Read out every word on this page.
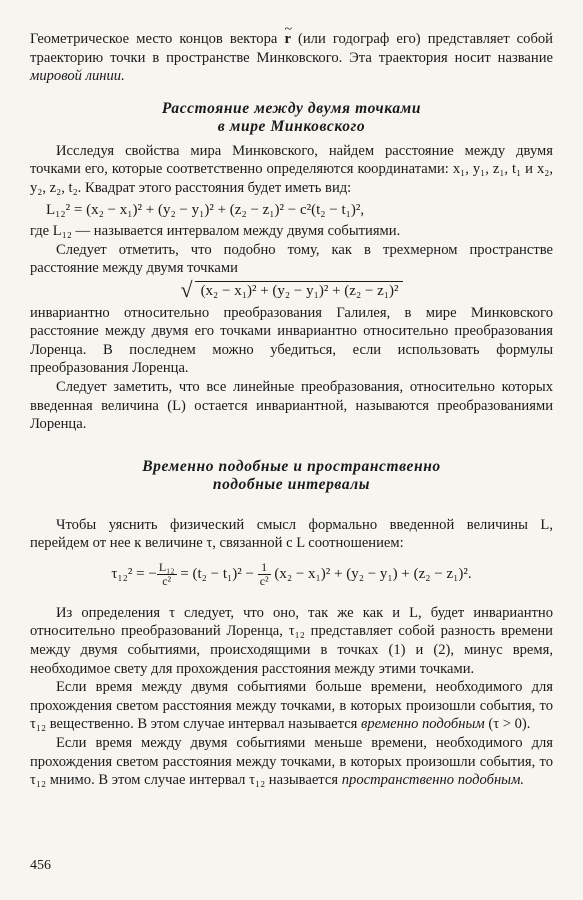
Геометрическое место концов вектора ~ r (или годограф его) представляет собой траекторию точки в пространстве Минковского. Эта траектория носит название мировой линии.

Расстояние между двумя точками
в мире Минковского

Исследуя свойства мира Минковского, найдем расстояние между двумя точками его, которые соответственно определяются координатами: x₁, y₁, z₁, t₁ и x₂, y₂, z₂, t₂. Квадрат этого расстояния будет иметь вид:

L₁₂² = (x₂ − x₁)² + (y₂ − y₁)² + (z₂ − z₁)² − c²(t₂ − t₁)²,

где L₁₂ — называется интервалом между двумя событиями.

Следует отметить, что подобно тому, как в трехмерном пространстве расстояние между двумя точками

√ (x₂ − x₁)² + (y₂ − y₁)² + (z₂ − z₁)²

инвариантно относительно преобразования Галилея, в мире Минковского расстояние между двумя его точками инвариантно относительно преобразования Лоренца. В последнем можно убедиться, если использовать формулы преобразования Лоренца.

Следует заметить, что все линейные преобразования, относительно которых введенная величина (L) остается инвариантной, называются преобразованиями Лоренца.

Временно подобные и пространственно
подобные интервалы

Чтобы уяснить физический смысл формально введенной величины L, перейдем от нее к величине τ, связанной с L соотношением:

τ₁₂² = − $\frac{\text{L₁₂}}{\text{c²}} = (t_2 - t_1)^2 - \frac{1}{\text{c²}} (x_2 - x_1)^2 + (y_2 - y_1) + (z_2 - z_1)^2$.

Из определения τ следует, что оно, так же как и L, будет инвариантно относительно преобразований Лоренца, τ₁₂ представляет собой разность времени между двумя событиями, происходящими в точках (1) и (2), минус время, необходимое свету для прохождения расстояния между этими точками.

Если время между двумя событиями больше времени, необходимого для прохождения светом расстояния между точками, в которых произошли события, то τ₁₂ вещественно. В этом случае интервал называется временно подобным (τ > 0).

Если время между двумя событиями меньше времени, необходимого для прохождения светом расстояния между точками, в которых произошли события, то τ₁₂ мнимо. В этом случае интервал τ₁₂ называется пространственно подобным.

456
